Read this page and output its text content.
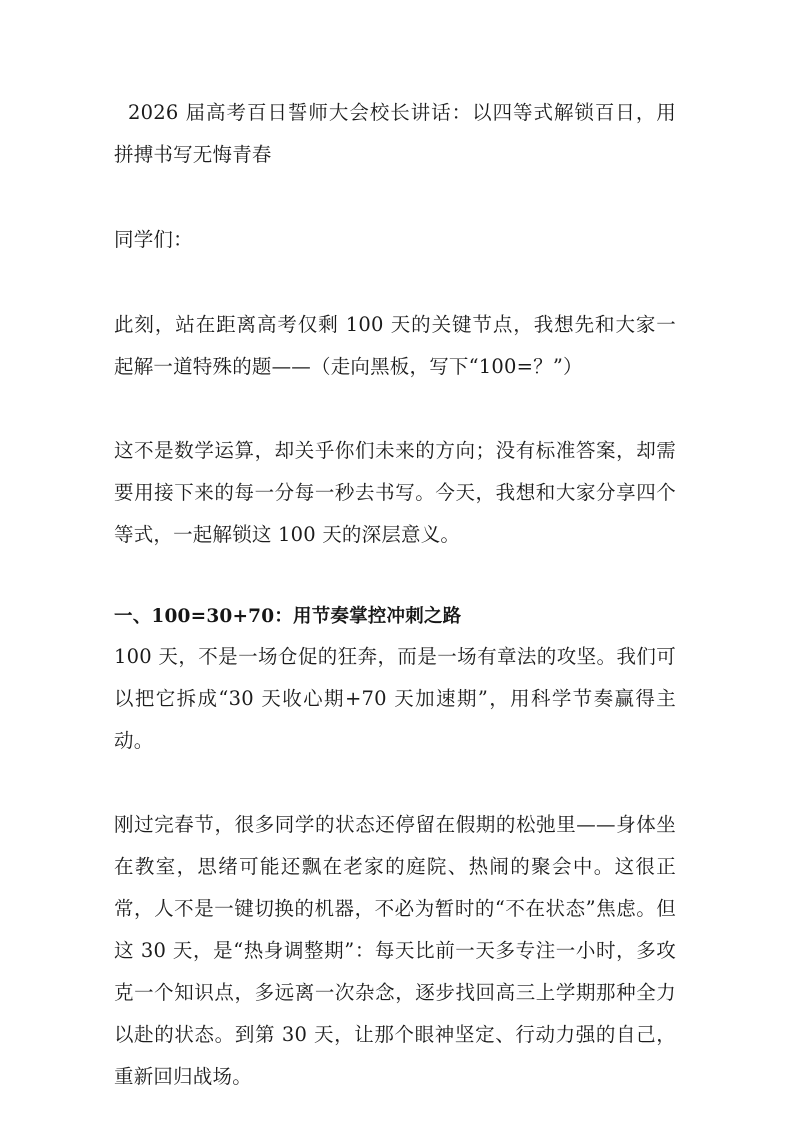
2026 届高考百日誓师大会校长讲话：以四等式解锁百日，用拼搏书写无悔青春

同学们：

此刻，站在距离高考仅剩 100 天的关键节点，我想先和大家一起解一道特殊的题——（走向黑板，写下“100=？”）

这不是数学运算，却关乎你们未来的方向；没有标准答案，却需要用接下来的每一分每一秒去书写。今天，我想和大家分享四个等式，一起解锁这 100 天的深层意义。

一、100=30+70：用节奏掌控冲刺之路

100 天，不是一场仓促的狂奔，而是一场有章法的攻坚。我们可以把它拆成“30 天收心期+70 天加速期”，用科学节奏赢得主动。

刚过完春节，很多同学的状态还停留在假期的松弛里——身体坐在教室，思绪可能还飘在老家的庭院、热闹的聚会中。这很正常，人不是一键切换的机器，不必为暂时的“不在状态”焦虑。但这 30 天，是“热身调整期”：每天比前一天多专注一小时，多攻克一个知识点，多远离一次杂念，逐步找回高三上学期那种全力以赴的状态。到第 30 天，让那个眼神坚定、行动力强的自己，重新回归战场。
